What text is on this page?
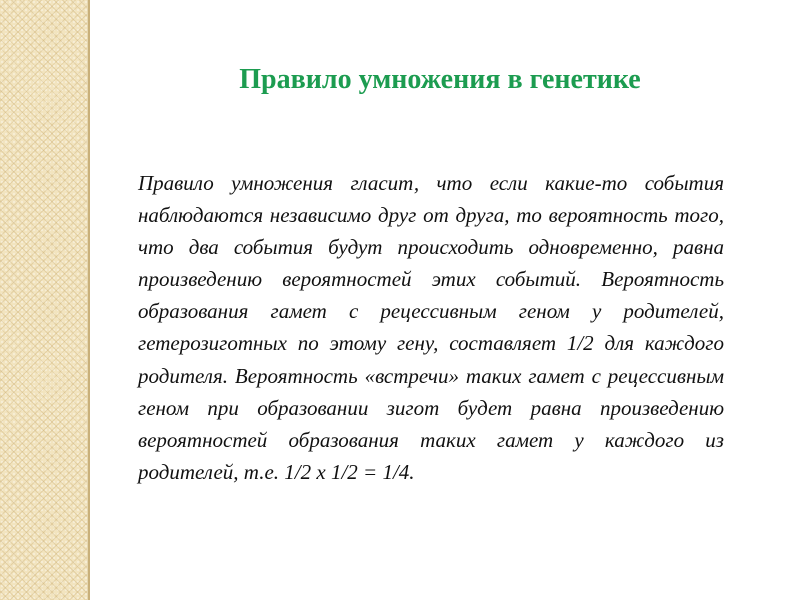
Правило умножения в генетике

Правило умножения гласит, что если какие-то события наблюдаются независимо друг от друга, то вероятность того, что два события будут происходить одновременно, равна произведению вероятностей этих событий. Вероятность образования гамет с рецессивным геном у родителей, гетерозиготных по этому гену, составляет 1/2 для каждого родителя. Вероятность «встречи» таких гамет с рецессивным геном при образовании зигот будет равна произведению вероятностей образования таких гамет у каждого из родителей, т.е. 1/2 х 1/2 = 1/4.
